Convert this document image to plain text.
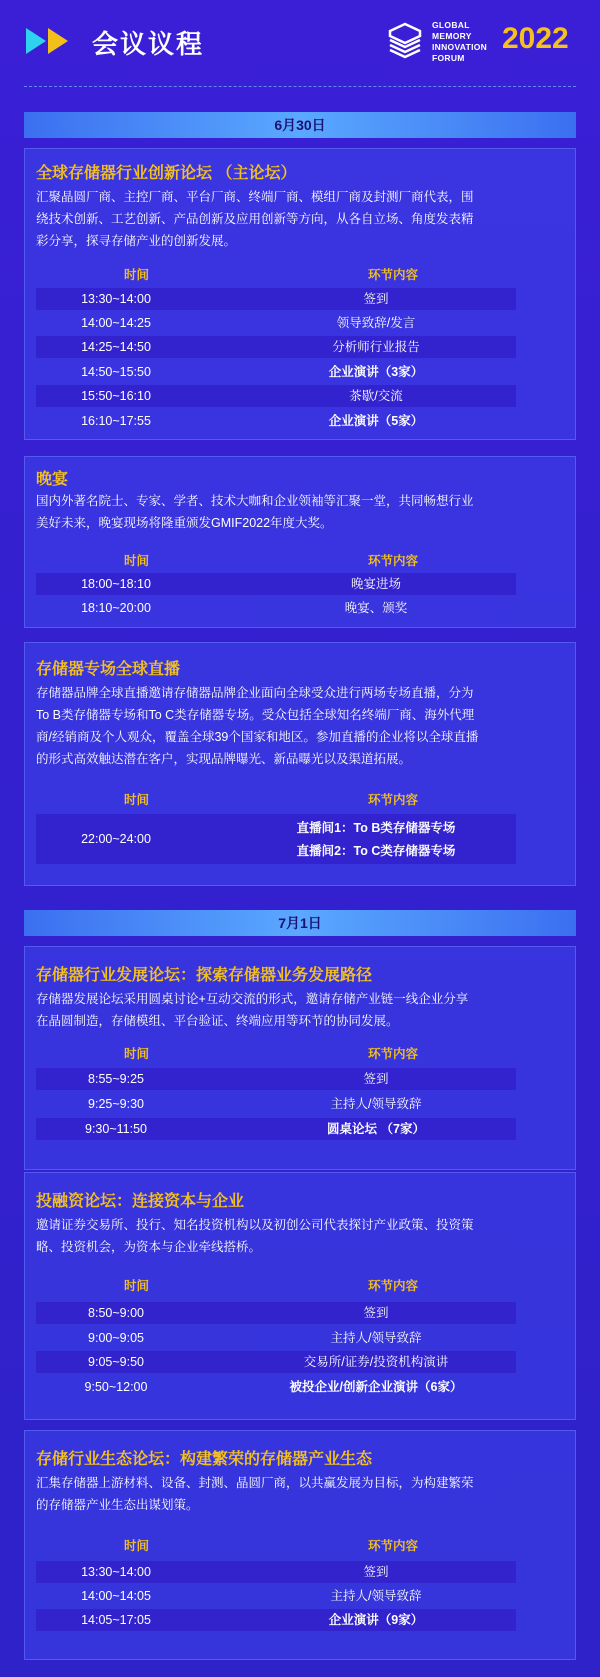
会议议程
GLOBAL
MEMORY
INNOVATION
FORUM
2022
6月30日
全球存储器行业创新论坛 （主论坛）
汇聚晶圆厂商、主控厂商、平台厂商、终端厂商、模组厂商及封测厂商代表，围
绕技术创新、工艺创新、产品创新及应用创新等方向，从各自立场、角度发表精
彩分享，探寻存储产业的创新发展。
时间	环节内容
13:30~14:00	签到
14:00~14:25	领导致辞/发言
14:25~14:50	分析师行业报告
14:50~15:50	企业演讲（3家）
15:50~16:10	茶歇/交流
16:10~17:55	企业演讲（5家）
晚宴
国内外著名院士、专家、学者、技术大咖和企业领袖等汇聚一堂，共同畅想行业
美好未来，晚宴现场将隆重颁发GMIF2022年度大奖。
时间	环节内容
18:00~18:10	晚宴进场
18:10~20:00	晚宴、颁奖
存储器专场全球直播
存储器品牌全球直播邀请存储器品牌企业面向全球受众进行两场专场直播，分为
To B类存储器专场和To C类存储器专场。受众包括全球知名终端厂商、海外代理
商/经销商及个人观众，覆盖全球39个国家和地区。参加直播的企业将以全球直播
的形式高效触达潜在客户，实现品牌曝光、新品曝光以及渠道拓展。
时间	环节内容
22:00~24:00
直播间1：To B类存储器专场
直播间2：To C类存储器专场
7月1日
存储器行业发展论坛：探索存储器业务发展路径
存储器发展论坛采用圆桌讨论+互动交流的形式，邀请存储产业链一线企业分享
在晶圆制造，存储模组、平台验证、终端应用等环节的协同发展。
时间	环节内容
8:55~9:25	签到
9:25~9:30	主持人/领导致辞
9:30~11:50	圆桌论坛 （7家）
投融资论坛：连接资本与企业
邀请证券交易所、投行、知名投资机构以及初创公司代表探讨产业政策、投资策
略、投资机会，为资本与企业牵线搭桥。
时间	环节内容
8:50~9:00	签到
9:00~9:05	主持人/领导致辞
9:05~9:50	交易所/证券/投资机构演讲
9:50~12:00	被投企业/创新企业演讲（6家）
存储行业生态论坛：构建繁荣的存储器产业生态
汇集存储器上游材料、设备、封测、晶圆厂商，以共赢发展为目标，为构建繁荣
的存储器产业生态出谋划策。
时间	环节内容
13:30~14:00	签到
14:00~14:05	主持人/领导致辞
14:05~17:05	企业演讲（9家）
